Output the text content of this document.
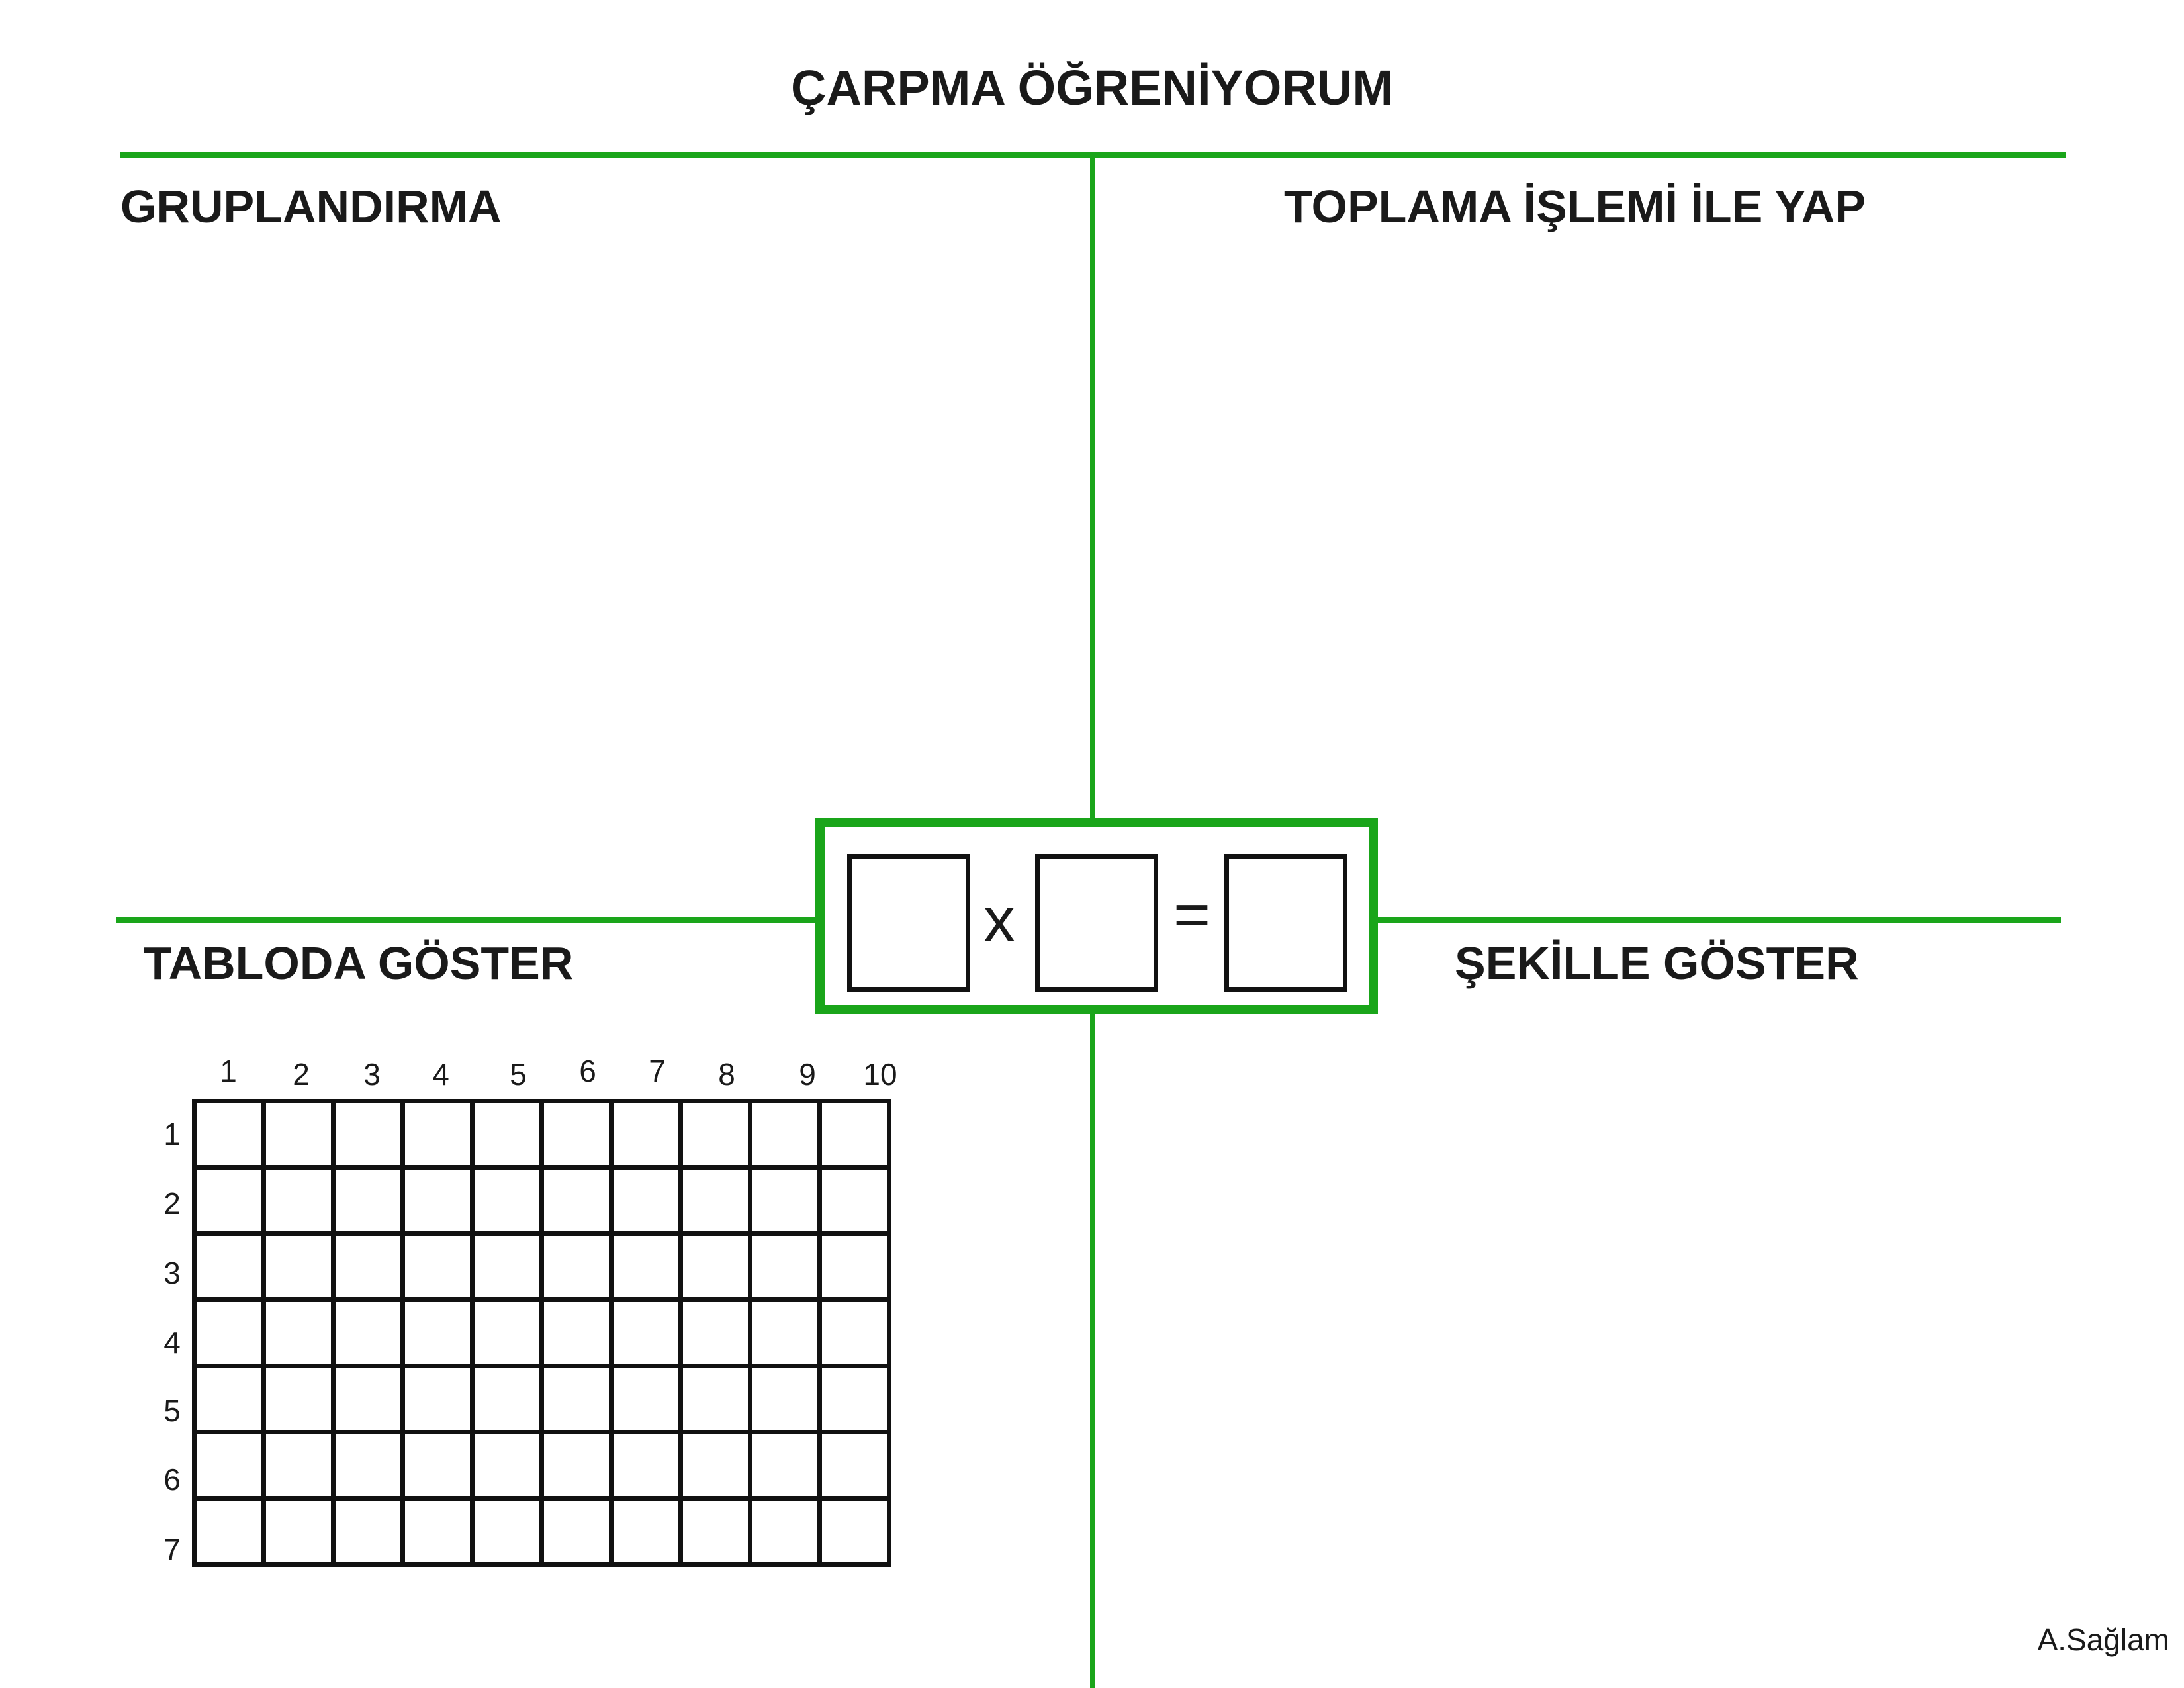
ÇARPMA ÖĞRENİYORUM
GRUPLANDIRMA	TOPLAMA İŞLEMİ İLE YAP
TABLODA GÖSTER	ŞEKİLLE GÖSTER
x =
1	2	3	4	5	6	7	8	9	10
1
2
3
4
5
6
7

A.Sağlam
